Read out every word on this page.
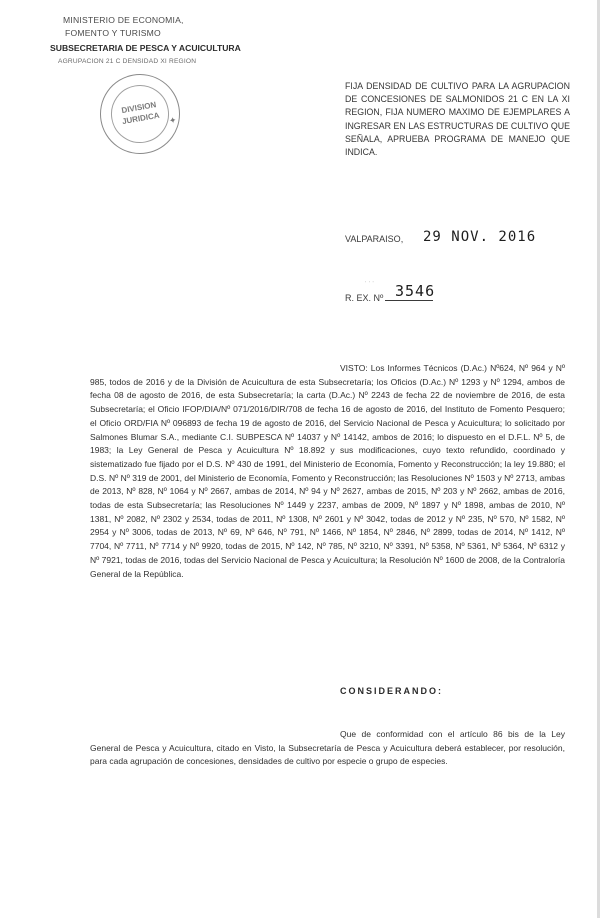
MINISTERIO DE ECONOMIA,
FOMENTO Y TURISMO
SUBSECRETARIA DE PESCA Y ACUICULTURA
AGRUPACION 21 C DENSIDAD XI REGION
DIVISION
JURIDICA ✦
FIJA DENSIDAD DE CULTIVO PARA LA AGRUPACION DE CONCESIONES DE SALMONIDOS 21 C EN LA XI REGION, FIJA NUMERO MAXIMO DE EJEMPLARES A INGRESAR EN LAS ESTRUCTURAS DE CULTIVO QUE SEÑALA, APRUEBA PROGRAMA DE MANEJO QUE INDICA.
VALPARAISO, 29 NOV. 2016
˙ ˙ ˙
R. EX. Nº 3546
VISTO: Los Informes Técnicos (D.Ac.) Nº624, Nº 964 y Nº 985, todos de 2016 y de la División de Acuicultura de esta Subsecretaría; los Oficios (D.Ac.) Nº 1293 y Nº 1294, ambos de fecha 08 de agosto de 2016, de esta Subsecretaría; la carta (D.Ac.) Nº 2243 de fecha 22 de noviembre de 2016, de esta Subsecretaría; el Oficio IFOP/DIA/Nº 071/2016/DIR/708 de fecha 16 de agosto de 2016, del Instituto de Fomento Pesquero; el Oficio ORD/FIA Nº 096893 de fecha 19 de agosto de 2016, del Servicio Nacional de Pesca y Acuicultura; lo solicitado por Salmones Blumar S.A., mediante C.I. SUBPESCA Nº 14037 y Nº 14142, ambos de 2016; lo dispuesto en el D.F.L. Nº 5, de 1983; la Ley General de Pesca y Acuicultura Nº 18.892 y sus modificaciones, cuyo texto refundido, coordinado y sistematizado fue fijado por el D.S. Nº 430 de 1991, del Ministerio de Economía, Fomento y Reconstrucción; la ley 19.880; el D.S. Nº Nº 319 de 2001, del Ministerio de Economía, Fomento y Reconstrucción; las Resoluciones Nº 1503 y Nº 2713, ambas de 2013, Nº 828, Nº 1064 y Nº 2667, ambas de 2014, Nº 94 y Nº 2627, ambas de 2015, Nº 203 y Nº 2662, ambas de 2016, todas de esta Subsecretaría; las Resoluciones Nº 1449 y 2237, ambas de 2009, Nº 1897 y Nº 1898, ambas de 2010, Nº 1381, Nº 2082, Nº 2302 y 2534, todas de 2011, Nº 1308, Nº 2601 y Nº 3042, todas de 2012 y Nº 235, Nº 570, Nº 1582, Nº 2954 y Nº 3006, todas de 2013, Nº 69, Nº 646, Nº 791, Nº 1466, Nº 1854, Nº 2846, Nº 2899, todas de 2014, Nº 1412, Nº 7704, Nº 7711, Nº 7714 y Nº 9920, todas de 2015, Nº 142, Nº 785, Nº 3210, Nº 3391, Nº 5358, Nº 5361, Nº 5364, Nº 6312 y Nº 7921, todas de 2016, todas del Servicio Nacional de Pesca y Acuicultura; la Resolución Nº 1600 de 2008, de la Contraloría General de la República.
CONSIDERANDO:
Que de conformidad con el artículo 86 bis de la Ley General de Pesca y Acuicultura, citado en Visto, la Subsecretaría de Pesca y Acuicultura deberá establecer, por resolución, para cada agrupación de concesiones, densidades de cultivo por especie o grupo de especies.
